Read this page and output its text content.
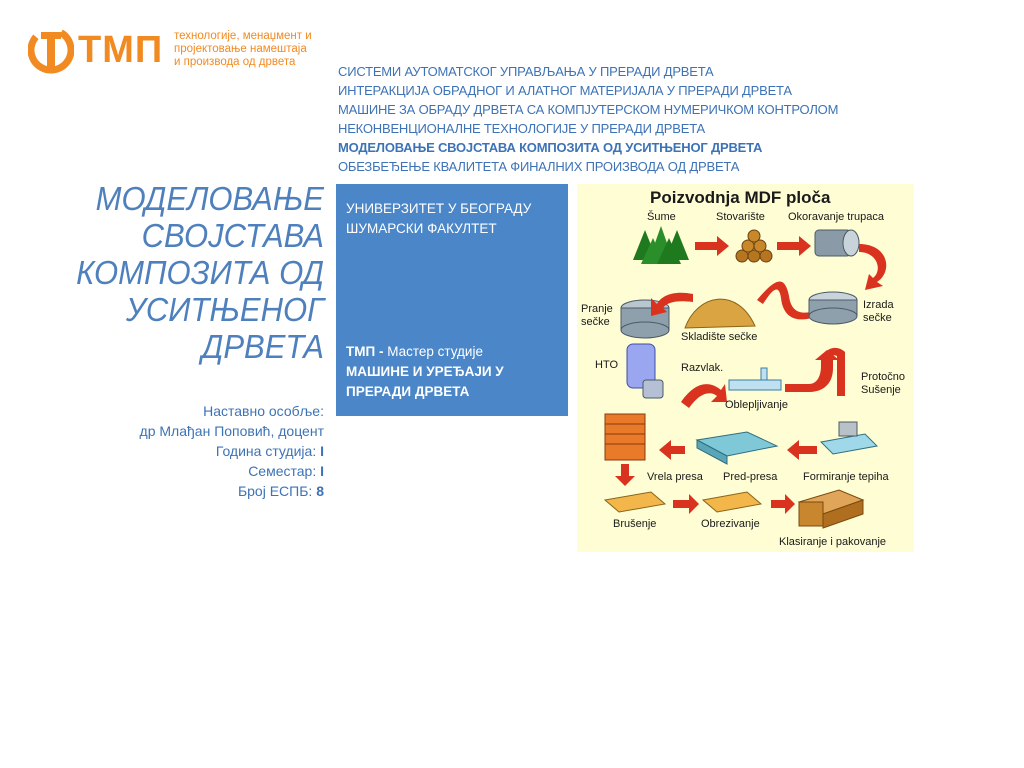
ТМП технологије, менаџмент и
пројектовање намештаја
и производа од дрвета
СИСТЕМИ АУТОМАТСКОГ УПРАВЉАЊА У ПРЕРАДИ ДРВЕТА
ИНТЕРАКЦИЈА ОБРАДНОГ И АЛАТНОГ МАТЕРИЈАЛА У ПРЕРАДИ ДРВЕТА
МАШИНЕ ЗА ОБРАДУ ДРВЕТА СА КОМПЈУТЕРСКОМ НУМЕРИЧКОМ КОНТРОЛОМ
НЕКОНВЕНЦИОНАЛНЕ ТЕХНОЛОГИЈЕ У ПРЕРАДИ ДРВЕТА
МОДЕЛОВАЊЕ СВОЈСТАВА КОМПОЗИТА ОД УСИТЊЕНОГ ДРВЕТА
ОБЕЗБЕЂЕЊЕ КВАЛИТЕТА ФИНАЛНИХ ПРОИЗВОДА ОД ДРВЕТА
МОДЕЛОВАЊЕ
СВОЈСТАВА
КОМПОЗИТА ОД
УСИТЊЕНОГ
ДРВЕТА
Наставно особље:
др Млађан Поповић, доцент
Година студија: I
Семестар: I
Број ЕСПБ: 8
УНИВЕРЗИТЕТ У БЕОГРАДУ
ШУМАРСКИ ФАКУЛТЕТ
ТМП - Мастер студије
МАШИНЕ И УРЕЂАЈИ У ПРЕРАДИ ДРВЕТА
Poizvodnja MDF ploča
Šume	Stovarište Okoravanje trupaca
Pranje
sečke
Skladište sečke
Izrada
sečke
HTO	Razvlak.
Oblepljivanje
Protočno
Sušenje
Vrela presa Pred-presa Formiranje tepiha
Brušenje	Obrezivanje
Klasiranje i pakovanje
